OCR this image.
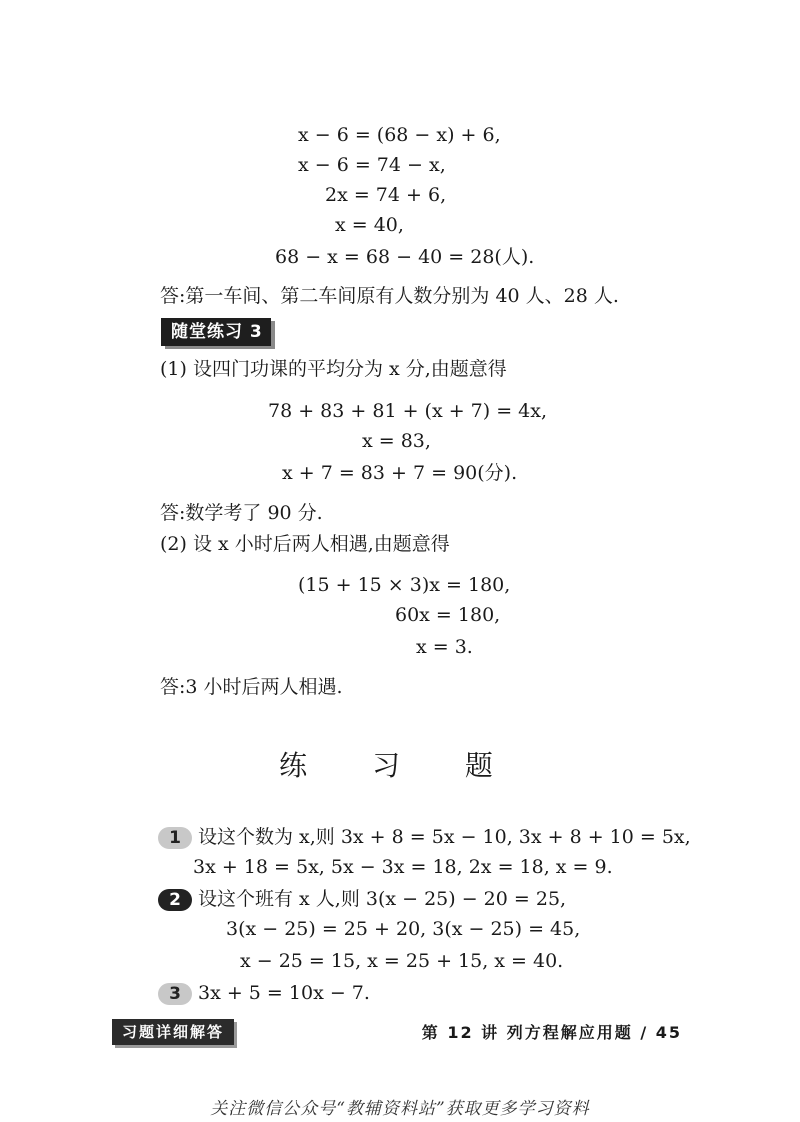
x − 6 = (68 − x) + 6,
x − 6 = 74 − x,
2x = 74 + 6,
x = 40,
68 − x = 68 − 40 = 28(人).
答:第一车间、第二车间原有人数分别为 40 人、28 人.
随堂练习 3
(1) 设四门功课的平均分为 x 分,由题意得
78 + 83 + 81 + (x + 7) = 4x,
x = 83,
x + 7 = 83 + 7 = 90(分).
答:数学考了 90 分.
(2) 设 x 小时后两人相遇,由题意得
(15 + 15 × 3)x = 180,
60x = 180,
x = 3.
答:3 小时后两人相遇.
练 习 题
1 设这个数为 x,则 3x + 8 = 5x − 10, 3x + 8 + 10 = 5x,
3x + 18 = 5x, 5x − 3x = 18, 2x = 18, x = 9.
2 设这个班有 x 人,则 3(x − 25) − 20 = 25,
3(x − 25) = 25 + 20, 3(x − 25) = 45,
x − 25 = 15, x = 25 + 15, x = 40.
3 3x + 5 = 10x − 7.
习题详细解答	第 12 讲 列方程解应用题 / 45
关注微信公众号“教辅资料站”获取更多学习资料
